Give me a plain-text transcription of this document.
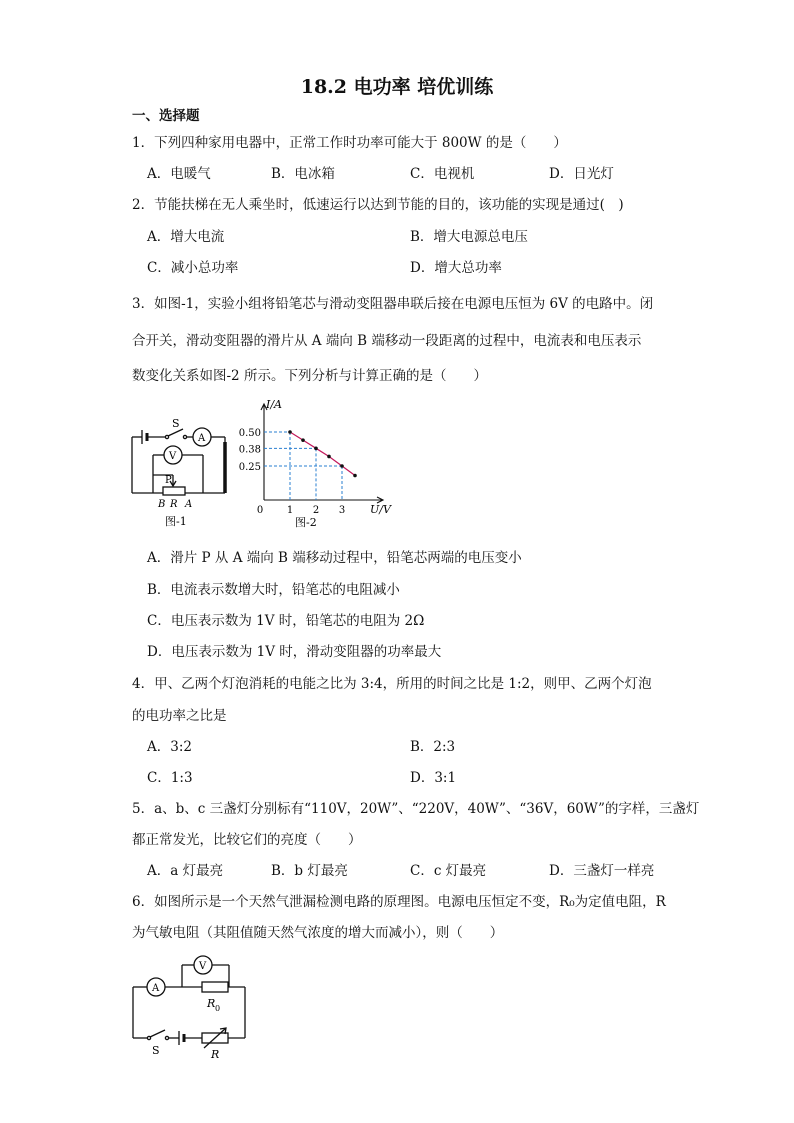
18.2 电功率 培优训练
一、选择题
1．下列四种家用电器中，正常工作时功率可能大于 800W 的是（　　）
A．电暖气	B．电冰箱	C．电视机	D．日光灯
2．节能扶梯在无人乘坐时，低速运行以达到节能的目的，该功能的实现是通过(　)
A．增大电流	B．增大电源总电压
C．减小总功率	D．增大总功率
3．如图-1，实验小组将铅笔芯与滑动变阻器串联后接在电源电压恒为 6V 的电路中。闭
合开关，滑动变阻器的滑片从 A 端向 B 端移动一段距离的过程中，电流表和电压表示
数变化关系如图-2 所示。下列分析与计算正确的是（　　）
S
A
V
P
B R A
图-1
I/A
U/V
0 1 2 3
0.50
0.38
0.25
图-2
A．滑片 P 从 A 端向 B 端移动过程中，铅笔芯两端的电压变小
B．电流表示数增大时，铅笔芯的电阻减小
C．电压表示数为 1V 时，铅笔芯的电阻为 2Ω
D．电压表示数为 1V 时，滑动变阻器的功率最大
4．甲、乙两个灯泡消耗的电能之比为 3:4，所用的时间之比是 1:2，则甲、乙两个灯泡
的电功率之比是
A．3:2	B．2:3
C．1:3	D．3:1
5．a、b、c 三盏灯分别标有“110V，20W”、“220V，40W”、“36V，60W”的字样，三盏灯
都正常发光，比较它们的亮度（　　）
A．a 灯最亮	B．b 灯最亮	C．c 灯最亮	D．三盏灯一样亮
6．如图所示是一个天然气泄漏检测电路的原理图。电源电压恒定不变，R₀为定值电阻，R
为气敏电阻（其阻值随天然气浓度的增大而减小），则（　　）
A
V
R 0
S	R
